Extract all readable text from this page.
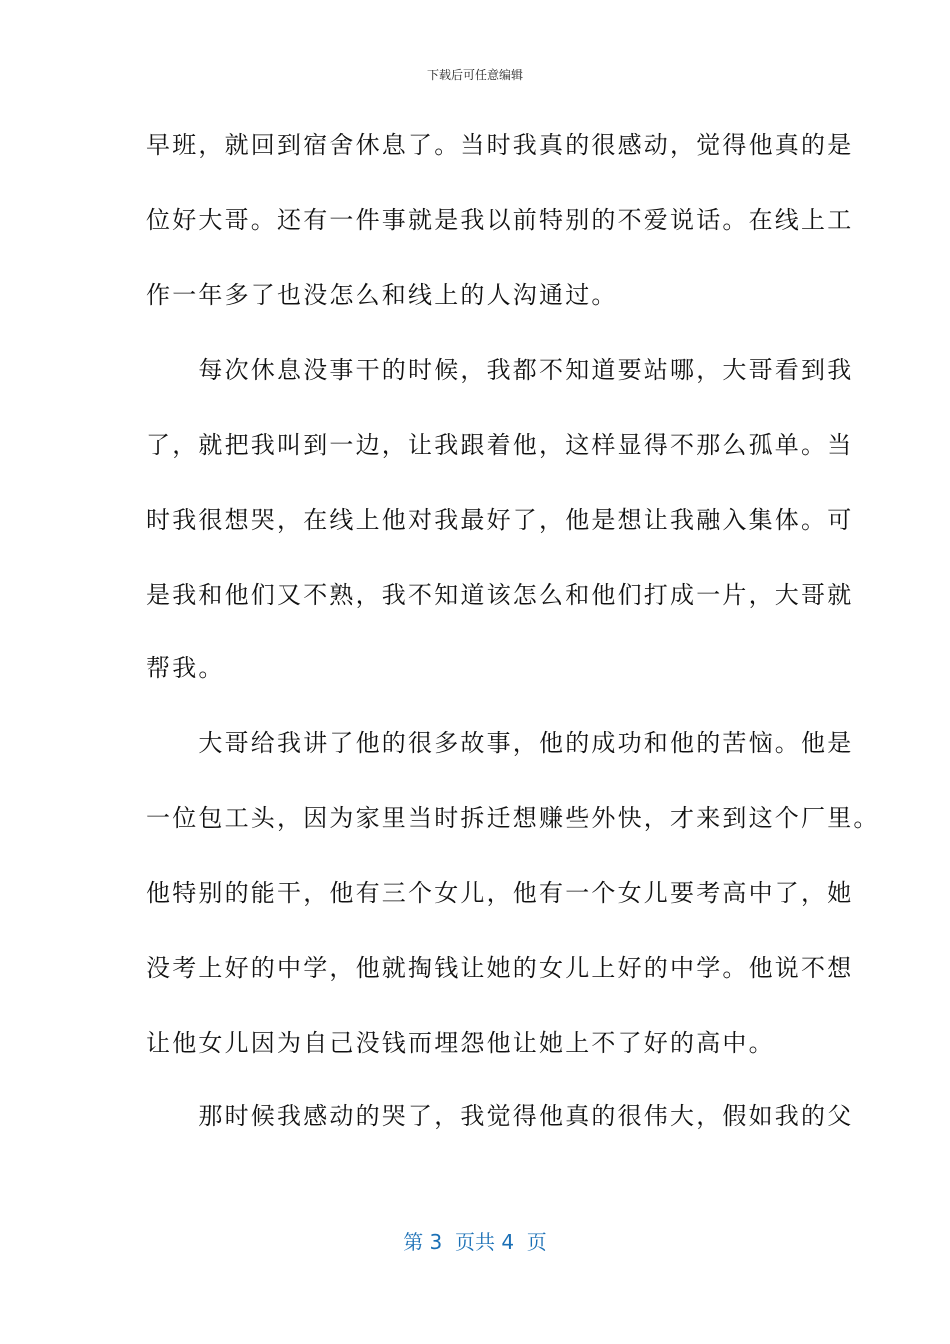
下载后可任意编辑
早班，就回到宿舍休息了。当时我真的很感动，觉得他真的是
位好大哥。还有一件事就是我以前特别的不爱说话。在线上工
作一年多了也没怎么和线上的人沟通过。
　　每次休息没事干的时候，我都不知道要站哪，大哥看到我
了，就把我叫到一边，让我跟着他，这样显得不那么孤单。当
时我很想哭，在线上他对我最好了，他是想让我融入集体。可
是我和他们又不熟，我不知道该怎么和他们打成一片，大哥就
帮我。
　　大哥给我讲了他的很多故事，他的成功和他的苦恼。他是
一位包工头，因为家里当时拆迁想赚些外快，才来到这个厂里。
他特别的能干，他有三个女儿，他有一个女儿要考高中了，她
没考上好的中学，他就掏钱让她的女儿上好的中学。他说不想
让他女儿因为自己没钱而埋怨他让她上不了好的高中。
　　那时候我感动的哭了，我觉得他真的很伟大，假如我的父
第 3  页共 4  页
